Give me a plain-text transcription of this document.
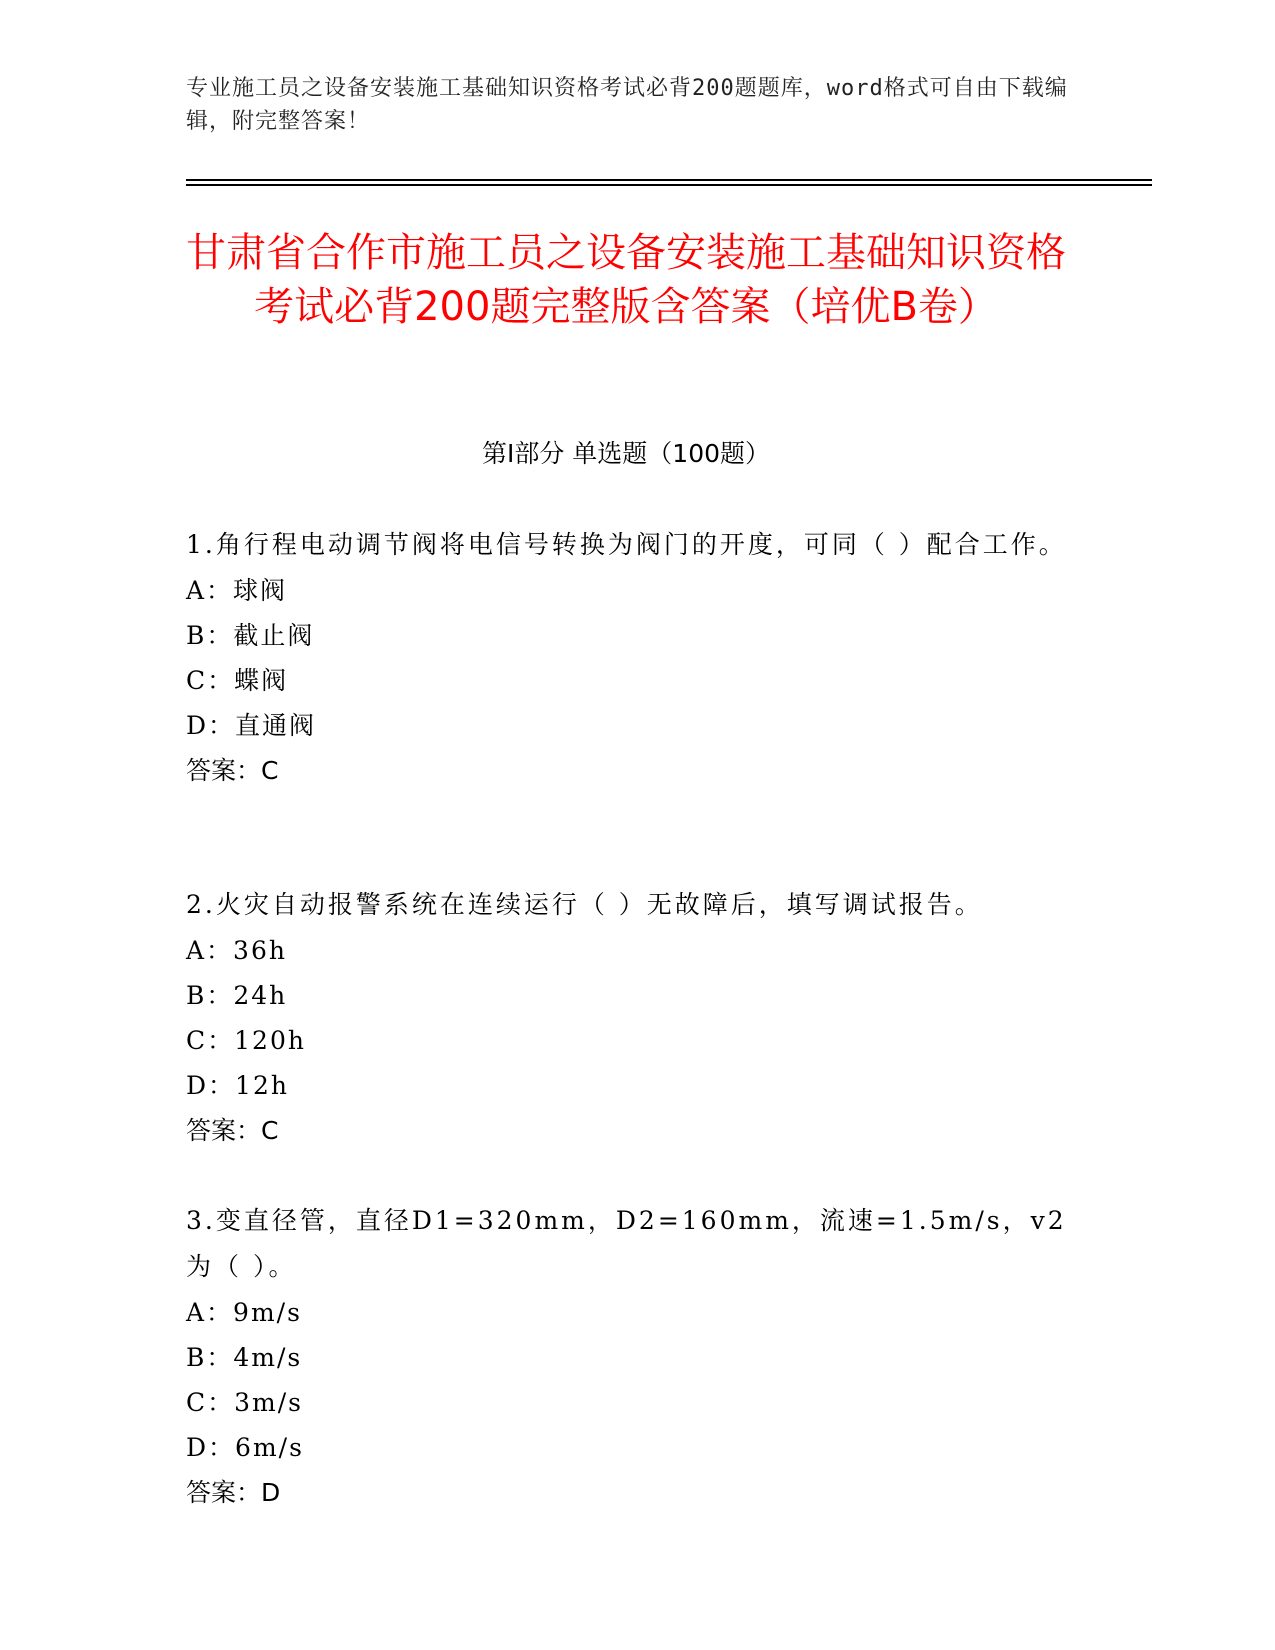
专业施工员之设备安装施工基础知识资格考试必背200题题库，word格式可自由下载编辑，附完整答案！
甘肃省合作市施工员之设备安装施工基础知识资格考试必背200题完整版含答案（培优B卷）
第I部分 单选题（100题）
1.角行程电动调节阀将电信号转换为阀门的开度，可同（ ）配合工作。
A：球阀
B：截止阀
C：蝶阀
D：直通阀
答案：C
2.火灾自动报警系统在连续运行（ ）无故障后，填写调试报告。
A：36h
B：24h
C：120h
D：12h
答案：C
3.变直径管，直径D1=320mm，D2=160mm，流速=1.5m/s，v2为（ ）。
A：9m/s
B：4m/s
C：3m/s
D：6m/s
答案：D
